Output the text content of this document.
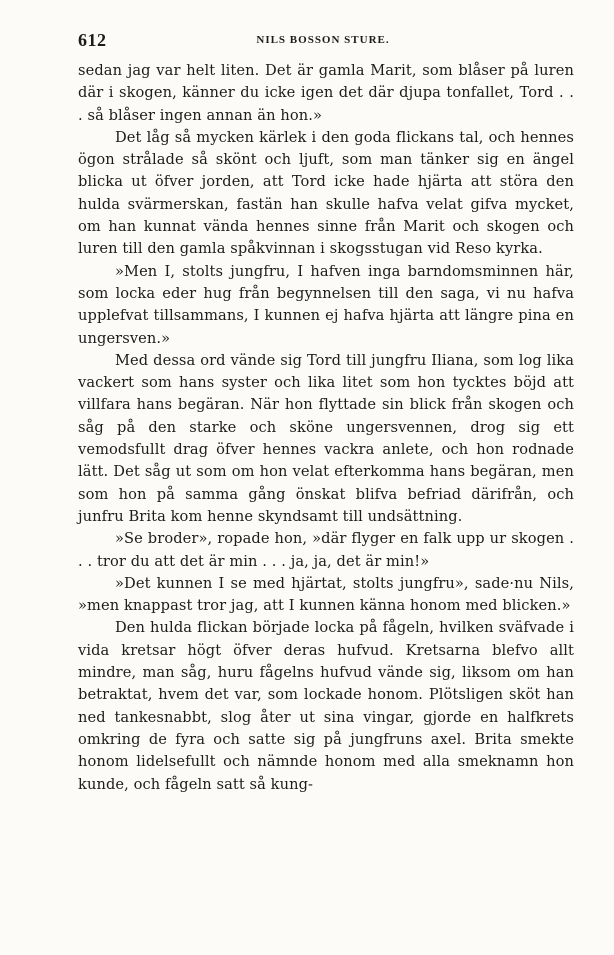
612	NILS BOSSON STURE.

sedan jag var helt liten. Det är gamla Marit, som blåser på luren där i skogen, känner du icke igen det där djupa tonfallet, Tord . . . så blåser ingen annan än hon.»

Det låg så mycken kärlek i den goda flickans tal, och hennes ögon strålade så skönt och ljuft, som man tänker sig en ängel blicka ut öfver jorden, att Tord icke hade hjärta att störa den hulda svärmerskan, fastän han skulle hafva velat gifva mycket, om han kunnat vända hennes sinne från Marit och skogen och luren till den gamla spåkvinnan i skogsstugan vid Reso kyrka.

»Men I, stolts jungfru, I hafven inga barndomsminnen här, som locka eder hug från begynnelsen till den saga, vi nu hafva upplefvat tillsammans, I kunnen ej hafva hjärta att längre pina en ungersven.»

Med dessa ord vände sig Tord till jungfru Iliana, som log lika vackert som hans syster och lika litet som hon tycktes böjd att villfara hans begäran. När hon flyttade sin blick från skogen och såg på den starke och sköne ungersvennen, drog sig ett vemodsfullt drag öfver hennes vackra anlete, och hon rodnade lätt. Det såg ut som om hon velat efterkomma hans begäran, men som hon på samma gång önskat blifva befriad därifrån, och junfru Brita kom henne skyndsamt till undsättning.

»Se broder», ropade hon, »där flyger en falk upp ur skogen . . . tror du att det är min . . . ja, ja, det är min!»

»Det kunnen I se med hjärtat, stolts jungfru», sade·nu Nils, »men knappast tror jag, att I kunnen känna honom med blicken.»

Den hulda flickan började locka på fågeln, hvilken sväfvade i vida kretsar högt öfver deras hufvud. Kretsarna blefvo allt mindre, man såg, huru fågelns hufvud vände sig, liksom om han betraktat, hvem det var, som lockade honom. Plötsligen sköt han ned tankesnabbt, slog åter ut sina vingar, gjorde en halfkrets omkring de fyra och satte sig på jungfruns axel. Brita smekte honom lidelsefullt och nämnde honom med alla smeknamn hon kunde, och fågeln satt så kung-
